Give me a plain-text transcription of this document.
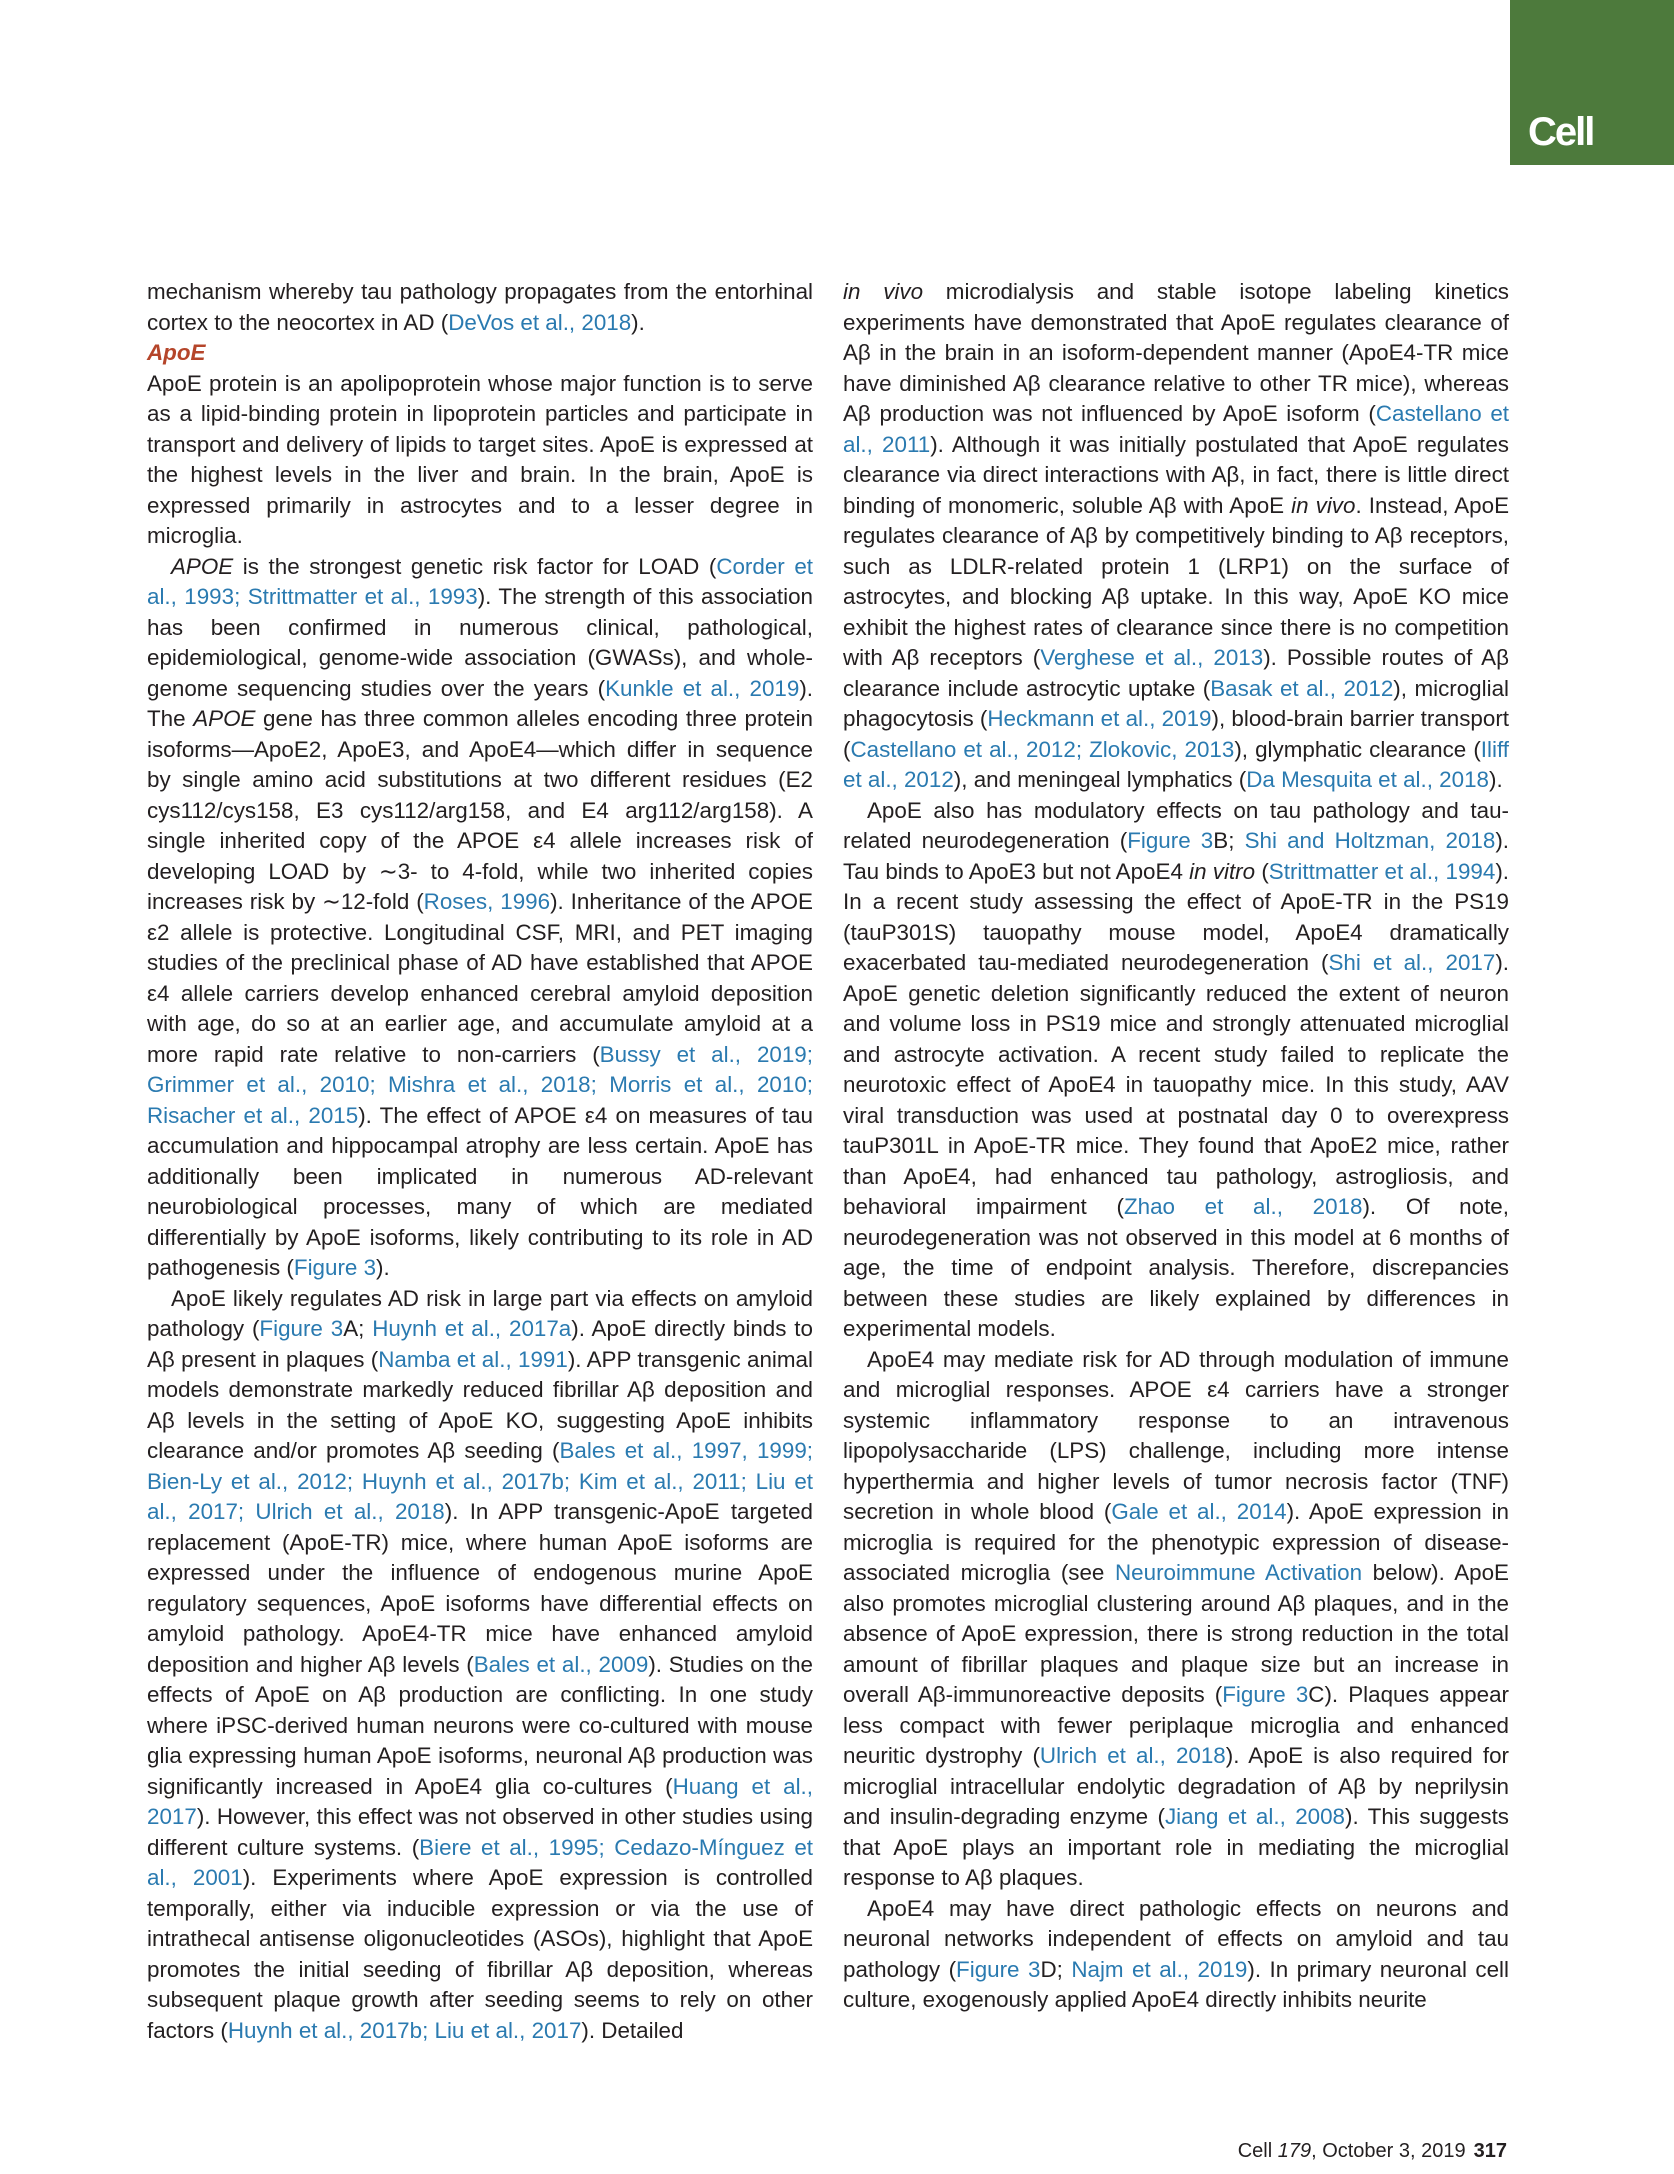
Cell

mechanism whereby tau pathology propagates from the entorhinal cortex to the neocortex in AD (DeVos et al., 2018).

ApoE

ApoE protein is an apolipoprotein whose major function is to serve as a lipid-binding protein in lipoprotein particles and participate in transport and delivery of lipids to target sites. ApoE is expressed at the highest levels in the liver and brain. In the brain, ApoE is expressed primarily in astrocytes and to a lesser degree in microglia.

APOE is the strongest genetic risk factor for LOAD (Corder et al., 1993; Strittmatter et al., 1993). The strength of this association has been confirmed in numerous clinical, pathological, epidemiological, genome-wide association (GWASs), and whole-genome sequencing studies over the years (Kunkle et al., 2019). The APOE gene has three common alleles encoding three protein isoforms—ApoE2, ApoE3, and ApoE4—which differ in sequence by single amino acid substitutions at two different residues (E2 cys112/cys158, E3 cys112/arg158, and E4 arg112/arg158). A single inherited copy of the APOE ε4 allele increases risk of developing LOAD by ∼3- to 4-fold, while two inherited copies increases risk by ∼12-fold (Roses, 1996). Inheritance of the APOE ε2 allele is protective. Longitudinal CSF, MRI, and PET imaging studies of the preclinical phase of AD have established that APOE ε4 allele carriers develop enhanced cerebral amyloid deposition with age, do so at an earlier age, and accumulate amyloid at a more rapid rate relative to non-carriers (Bussy et al., 2019; Grimmer et al., 2010; Mishra et al., 2018; Morris et al., 2010; Risacher et al., 2015). The effect of APOE ε4 on measures of tau accumulation and hippocampal atrophy are less certain. ApoE has additionally been implicated in numerous AD-relevant neurobiological processes, many of which are mediated differentially by ApoE isoforms, likely contributing to its role in AD pathogenesis (Figure 3).

ApoE likely regulates AD risk in large part via effects on amyloid pathology (Figure 3A; Huynh et al., 2017a). ApoE directly binds to Aβ present in plaques (Namba et al., 1991). APP transgenic animal models demonstrate markedly reduced fibrillar Aβ deposition and Aβ levels in the setting of ApoE KO, suggesting ApoE inhibits clearance and/or promotes Aβ seeding (Bales et al., 1997, 1999; Bien-Ly et al., 2012; Huynh et al., 2017b; Kim et al., 2011; Liu et al., 2017; Ulrich et al., 2018). In APP transgenic-ApoE targeted replacement (ApoE-TR) mice, where human ApoE isoforms are expressed under the influence of endogenous murine ApoE regulatory sequences, ApoE isoforms have differential effects on amyloid pathology. ApoE4-TR mice have enhanced amyloid deposition and higher Aβ levels (Bales et al., 2009). Studies on the effects of ApoE on Aβ production are conflicting. In one study where iPSC-derived human neurons were co-cultured with mouse glia expressing human ApoE isoforms, neuronal Aβ production was significantly increased in ApoE4 glia co-cultures (Huang et al., 2017). However, this effect was not observed in other studies using different culture systems. (Biere et al., 1995; Cedazo-Mínguez et al., 2001). Experiments where ApoE expression is controlled temporally, either via inducible expression or via the use of intrathecal antisense oligonucleotides (ASOs), highlight that ApoE promotes the initial seeding of fibrillar Aβ deposition, whereas subsequent plaque growth after seeding seems to rely on other factors (Huynh et al., 2017b; Liu et al., 2017). Detailed

in vivo microdialysis and stable isotope labeling kinetics experiments have demonstrated that ApoE regulates clearance of Aβ in the brain in an isoform-dependent manner (ApoE4-TR mice have diminished Aβ clearance relative to other TR mice), whereas Aβ production was not influenced by ApoE isoform (Castellano et al., 2011). Although it was initially postulated that ApoE regulates clearance via direct interactions with Aβ, in fact, there is little direct binding of monomeric, soluble Aβ with ApoE in vivo. Instead, ApoE regulates clearance of Aβ by competitively binding to Aβ receptors, such as LDLR-related protein 1 (LRP1) on the surface of astrocytes, and blocking Aβ uptake. In this way, ApoE KO mice exhibit the highest rates of clearance since there is no competition with Aβ receptors (Verghese et al., 2013). Possible routes of Aβ clearance include astrocytic uptake (Basak et al., 2012), microglial phagocytosis (Heckmann et al., 2019), blood-brain barrier transport (Castellano et al., 2012; Zlokovic, 2013), glymphatic clearance (Iliff et al., 2012), and meningeal lymphatics (Da Mesquita et al., 2018).

ApoE also has modulatory effects on tau pathology and tau-related neurodegeneration (Figure 3B; Shi and Holtzman, 2018). Tau binds to ApoE3 but not ApoE4 in vitro (Strittmatter et al., 1994). In a recent study assessing the effect of ApoE-TR in the PS19 (tauP301S) tauopathy mouse model, ApoE4 dramatically exacerbated tau-mediated neurodegeneration (Shi et al., 2017). ApoE genetic deletion significantly reduced the extent of neuron and volume loss in PS19 mice and strongly attenuated microglial and astrocyte activation. A recent study failed to replicate the neurotoxic effect of ApoE4 in tauopathy mice. In this study, AAV viral transduction was used at postnatal day 0 to overexpress tauP301L in ApoE-TR mice. They found that ApoE2 mice, rather than ApoE4, had enhanced tau pathology, astrogliosis, and behavioral impairment (Zhao et al., 2018). Of note, neurodegeneration was not observed in this model at 6 months of age, the time of endpoint analysis. Therefore, discrepancies between these studies are likely explained by differences in experimental models.

ApoE4 may mediate risk for AD through modulation of immune and microglial responses. APOE ε4 carriers have a stronger systemic inflammatory response to an intravenous lipopolysaccharide (LPS) challenge, including more intense hyperthermia and higher levels of tumor necrosis factor (TNF) secretion in whole blood (Gale et al., 2014). ApoE expression in microglia is required for the phenotypic expression of disease-associated microglia (see Neuroimmune Activation below). ApoE also promotes microglial clustering around Aβ plaques, and in the absence of ApoE expression, there is strong reduction in the total amount of fibrillar plaques and plaque size but an increase in overall Aβ-immunoreactive deposits (Figure 3C). Plaques appear less compact with fewer periplaque microglia and enhanced neuritic dystrophy (Ulrich et al., 2018). ApoE is also required for microglial intracellular endolytic degradation of Aβ by neprilysin and insulin-degrading enzyme (Jiang et al., 2008). This suggests that ApoE plays an important role in mediating the microglial response to Aβ plaques.

ApoE4 may have direct pathologic effects on neurons and neuronal networks independent of effects on amyloid and tau pathology (Figure 3D; Najm et al., 2019). In primary neuronal cell culture, exogenously applied ApoE4 directly inhibits neurite

Cell 179, October 3, 2019 317
